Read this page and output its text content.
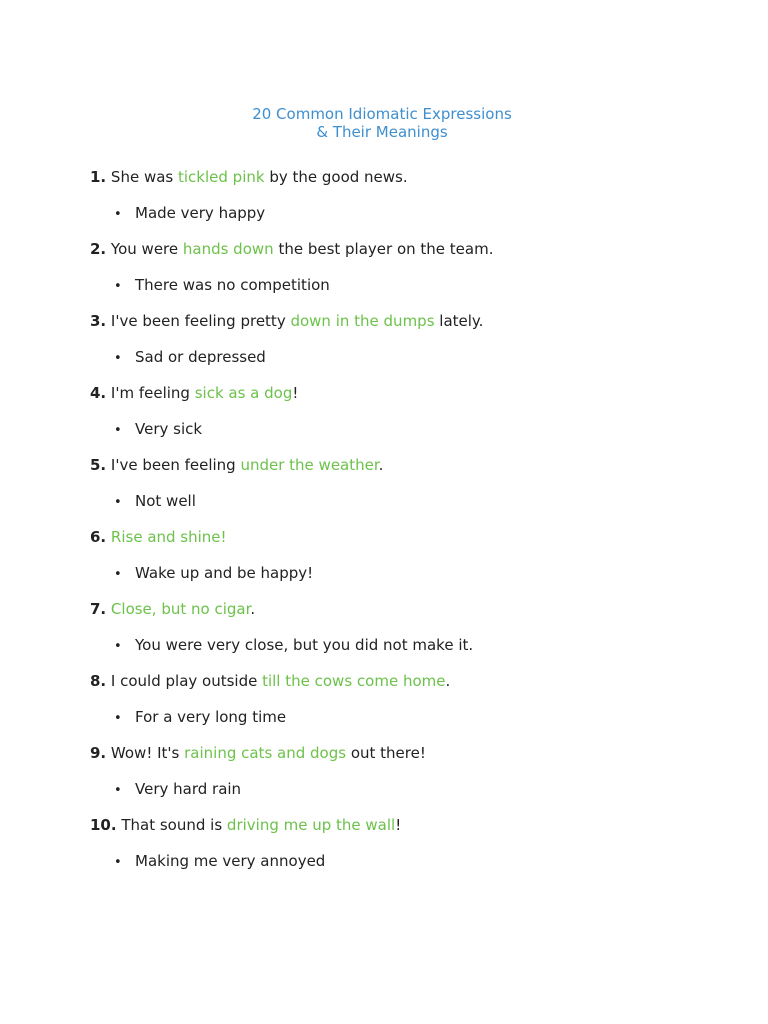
20 Common Idiomatic Expressions
& Their Meanings
1. She was tickled pink by the good news.
• Made very happy
2. You were hands down the best player on the team.
• There was no competition
3. I've been feeling pretty down in the dumps lately.
• Sad or depressed
4. I'm feeling sick as a dog!
• Very sick
5. I've been feeling under the weather.
• Not well
6. Rise and shine!
• Wake up and be happy!
7. Close, but no cigar.
• You were very close, but you did not make it.
8. I could play outside till the cows come home.
• For a very long time
9. Wow! It's raining cats and dogs out there!
• Very hard rain
10. That sound is driving me up the wall!
• Making me very annoyed
